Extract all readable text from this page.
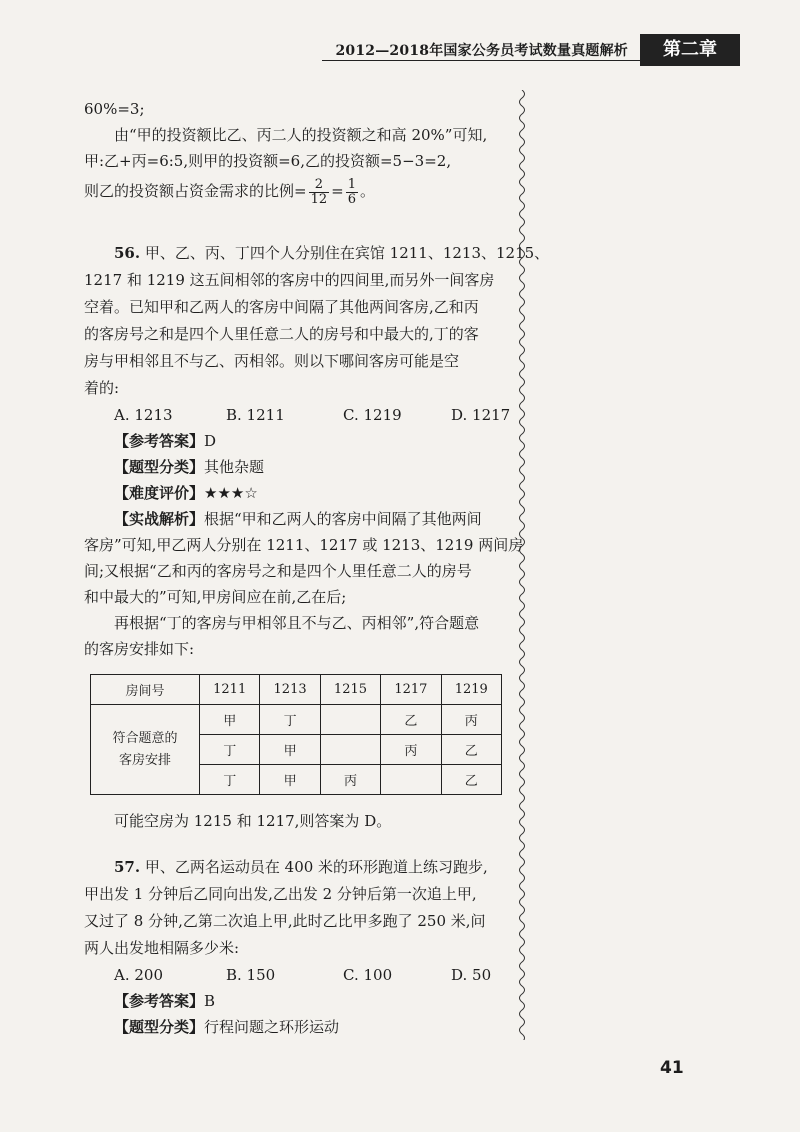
2012—2018年国家公务员考试数量真题解析	第二章

60%=3;

由“甲的投资额比乙、丙二人的投资额之和高 20%”可知,

甲:乙+丙=6:5,则甲的投资额=6,乙的投资额=5−3=2,

则乙的投资额占资金需求的比例= $\frac{2}{12} = \frac{1}{6}$ 。

56. 甲、乙、丙、丁四个人分别住在宾馆 1211、1213、1215、

1217 和 1219 这五间相邻的客房中的四间里,而另外一间客房

空着。已知甲和乙两人的客房中间隔了其他两间客房,乙和丙

的客房号之和是四个人里任意二人的房号和中最大的,丁的客

房与甲相邻且不与乙、丙相邻。则以下哪间客房可能是空

着的:

A. 1213	B. 1211	C. 1219	D. 1217

【参考答案】D

【题型分类】其他杂题

【难度评价】★★★☆

【实战解析】根据“甲和乙两人的客房中间隔了其他两间

客房”可知,甲乙两人分别在 1211、1217 或 1213、1219 两间房

间;又根据“乙和丙的客房号之和是四个人里任意二人的房号

和中最大的”可知,甲房间应在前,乙在后;

再根据“丁的客房与甲相邻且不与乙、丙相邻”,符合题意

的客房安排如下:

房间号	1211	1213	1215	1217	1219
符合题意的
客房安排	甲	丁		乙	丙
	丁	甲		丙	乙
	丁	甲	丙		乙

可能空房为 1215 和 1217,则答案为 D。

57. 甲、乙两名运动员在 400 米的环形跑道上练习跑步,

甲出发 1 分钟后乙同向出发,乙出发 2 分钟后第一次追上甲,

又过了 8 分钟,乙第二次追上甲,此时乙比甲多跑了 250 米,问

两人出发地相隔多少米:

A. 200	B. 150	C. 100	D. 50

【参考答案】B

【题型分类】行程问题之环形运动

41
